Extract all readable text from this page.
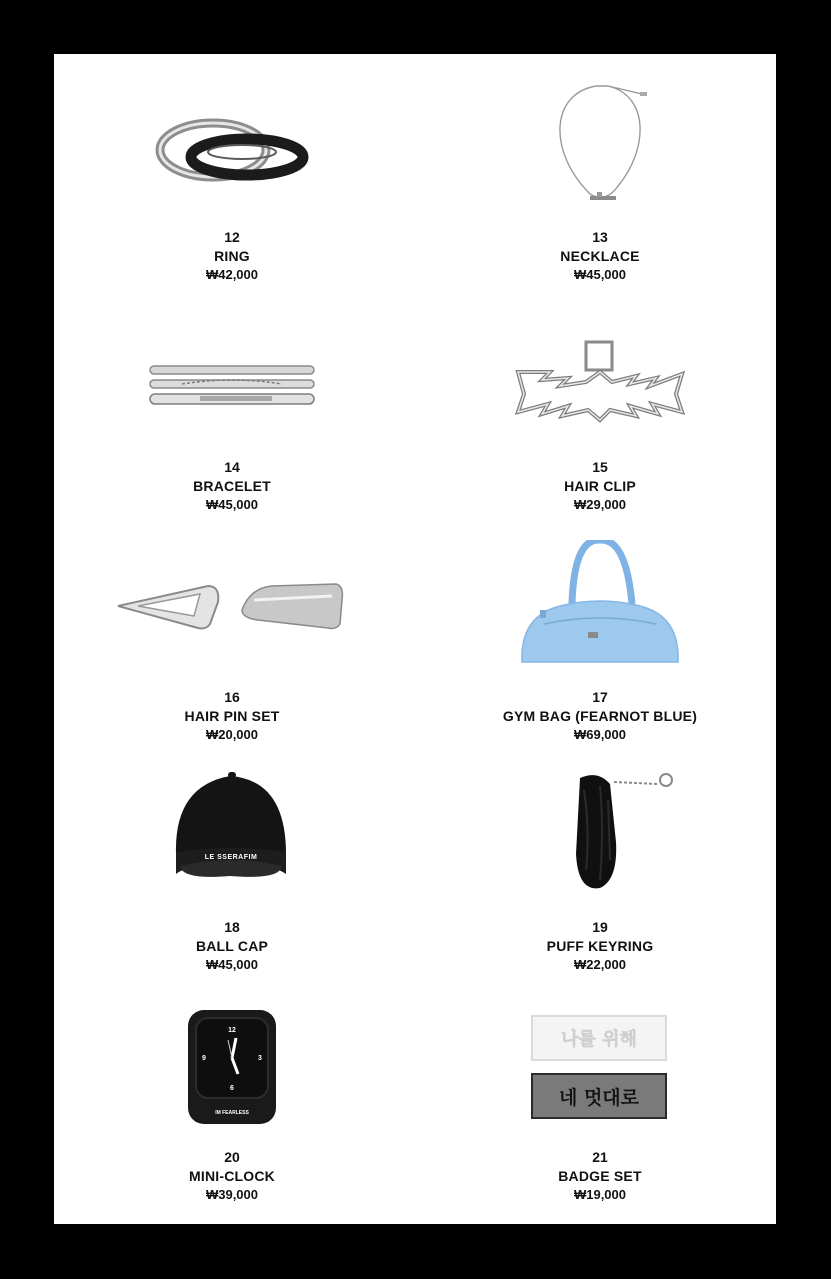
12
RING
₩42,000
13
NECKLACE
₩45,000
14
BRACELET
₩45,000
15
HAIR CLIP
₩29,000
16
HAIR PIN SET
₩20,000
17
GYM BAG (FEARNOT BLUE)
₩69,000
LE SSERAFIM
18
BALL CAP
₩45,000
19
PUFF KEYRING
₩22,000
12
3
6
9
IM FEARLESS
20
MINI-CLOCK
₩39,000
나를 위해
네 멋대로
21
BADGE SET
₩19,000
